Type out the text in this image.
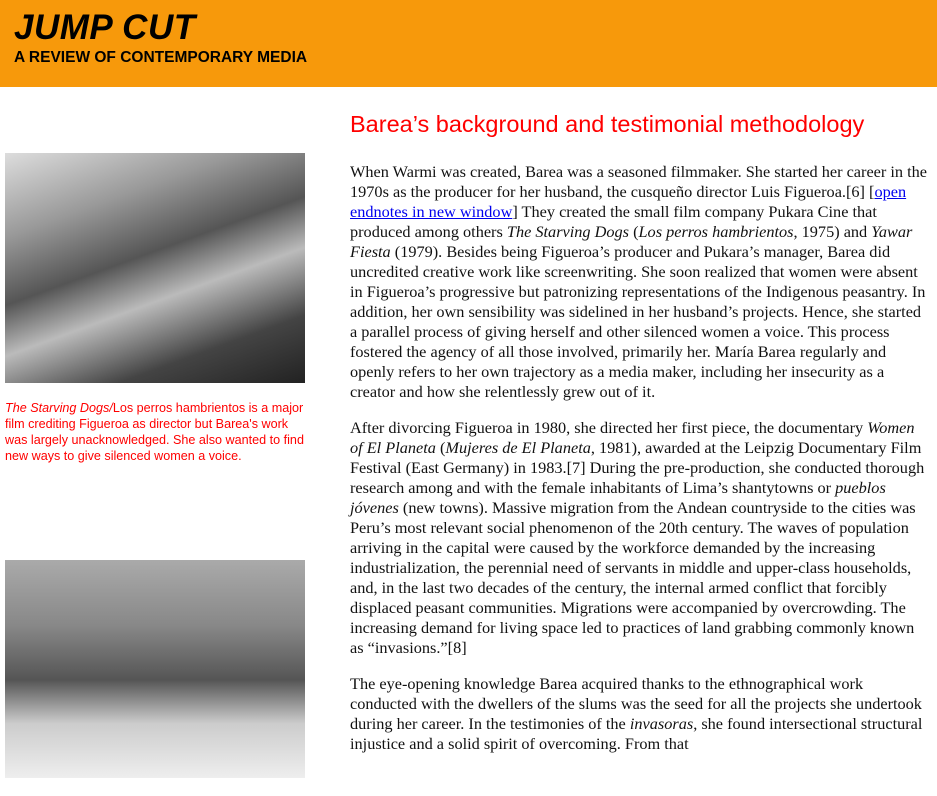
JUMP CUT
A REVIEW OF CONTEMPORARY MEDIA
The Starving Dogs/Los perros hambrientos is a major film crediting Figueroa as director but Barea's work was largely unacknowledged. She also wanted to find new ways to give silenced women a voice.
Barea’s background and testimonial methodology

When Warmi was created, Barea was a seasoned filmmaker. She started her career in the 1970s as the producer for her husband, the cusqueño director Luis Figueroa.[6] [open endnotes in new window] They created the small film company Pukara Cine that produced among others The Starving Dogs (Los perros hambrientos, 1975) and Yawar Fiesta (1979). Besides being Figueroa’s producer and Pukara’s manager, Barea did uncredited creative work like screenwriting. She soon realized that women were absent in Figueroa’s progressive but patronizing representations of the Indigenous peasantry. In addition, her own sensibility was sidelined in her husband’s projects. Hence, she started a parallel process of giving herself and other silenced women a voice. This process fostered the agency of all those involved, primarily her. María Barea regularly and openly refers to her own trajectory as a media maker, including her insecurity as a creator and how she relentlessly grew out of it.

After divorcing Figueroa in 1980, she directed her first piece, the documentary Women of El Planeta (Mujeres de El Planeta, 1981), awarded at the Leipzig Documentary Film Festival (East Germany) in 1983.[7] During the pre-production, she conducted thorough research among and with the female inhabitants of Lima’s shantytowns or pueblos jóvenes (new towns). Massive migration from the Andean countryside to the cities was Peru’s most relevant social phenomenon of the 20th century. The waves of population arriving in the capital were caused by the workforce demanded by the increasing industrialization, the perennial need of servants in middle and upper-class households, and, in the last two decades of the century, the internal armed conflict that forcibly displaced peasant communities. Migrations were accompanied by overcrowding. The increasing demand for living space led to practices of land grabbing commonly known as “invasions.”[8]

The eye-opening knowledge Barea acquired thanks to the ethnographical work conducted with the dwellers of the slums was the seed for all the projects she undertook during her career. In the testimonies of the invasoras, she found intersectional structural injustice and a solid spirit of overcoming. From that
